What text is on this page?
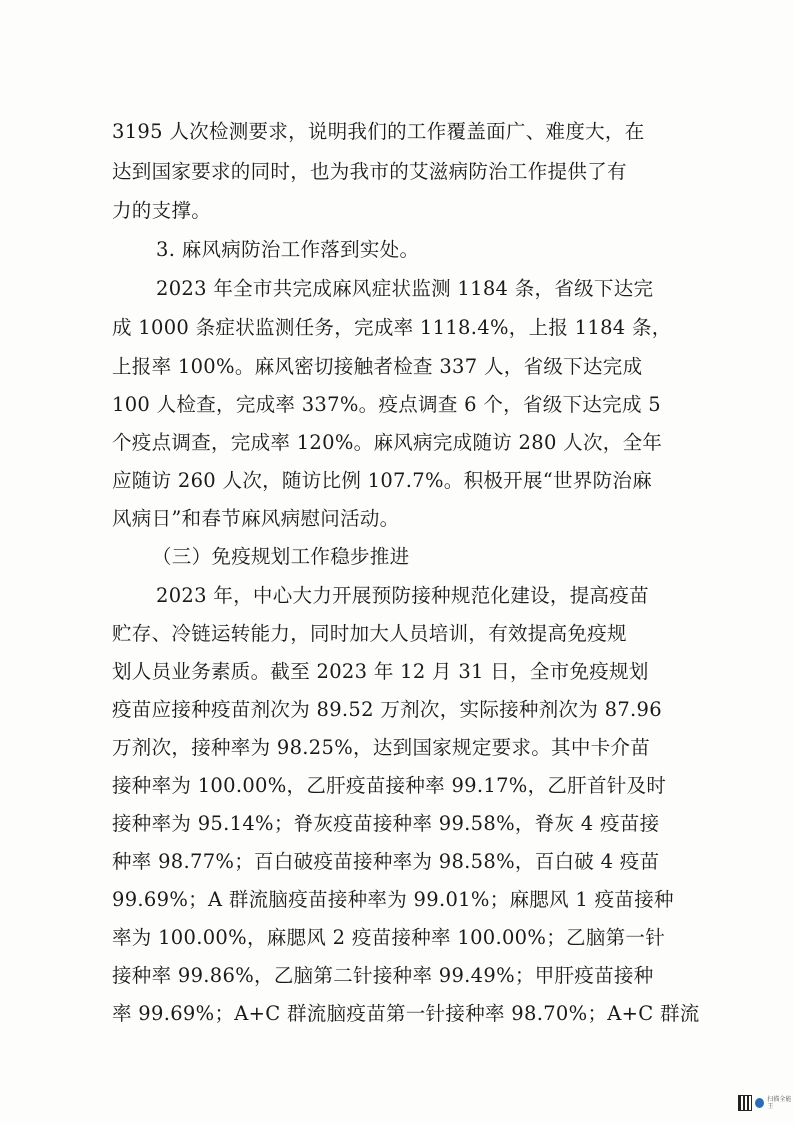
3195 人次检测要求，说明我们的工作覆盖面广、难度大，在
达到国家要求的同时，也为我市的艾滋病防治工作提供了有
力的支撑。
3. 麻风病防治工作落到实处。
2023 年全市共完成麻风症状监测 1184 条，省级下达完
成 1000 条症状监测任务，完成率 1118.4%，上报 1184 条，
上报率 100%。麻风密切接触者检查 337 人，省级下达完成
100 人检查，完成率 337%。疫点调查 6 个，省级下达完成 5
个疫点调查，完成率 120%。麻风病完成随访 280 人次，全年
应随访 260 人次，随访比例 107.7%。积极开展“世界防治麻
风病日”和春节麻风病慰问活动。
（三）免疫规划工作稳步推进
2023 年，中心大力开展预防接种规范化建设，提高疫苗
贮存、冷链运转能力，同时加大人员培训，有效提高免疫规
划人员业务素质。截至 2023 年 12 月 31 日，全市免疫规划
疫苗应接种疫苗剂次为 89.52 万剂次，实际接种剂次为 87.96
万剂次，接种率为 98.25%，达到国家规定要求。其中卡介苗
接种率为 100.00%，乙肝疫苗接种率 99.17%，乙肝首针及时
接种率为 95.14%；脊灰疫苗接种率 99.58%，脊灰 4 疫苗接
种率 98.77%；百白破疫苗接种率为 98.58%，百白破 4 疫苗
99.69%；A 群流脑疫苗接种率为 99.01%；麻腮风 1 疫苗接种
率为 100.00%，麻腮风 2 疫苗接种率 100.00%；乙脑第一针
接种率 99.86%，乙脑第二针接种率 99.49%；甲肝疫苗接种
率 99.69%；A+C 群流脑疫苗第一针接种率 98.70%；A+C 群流
扫描全能王
